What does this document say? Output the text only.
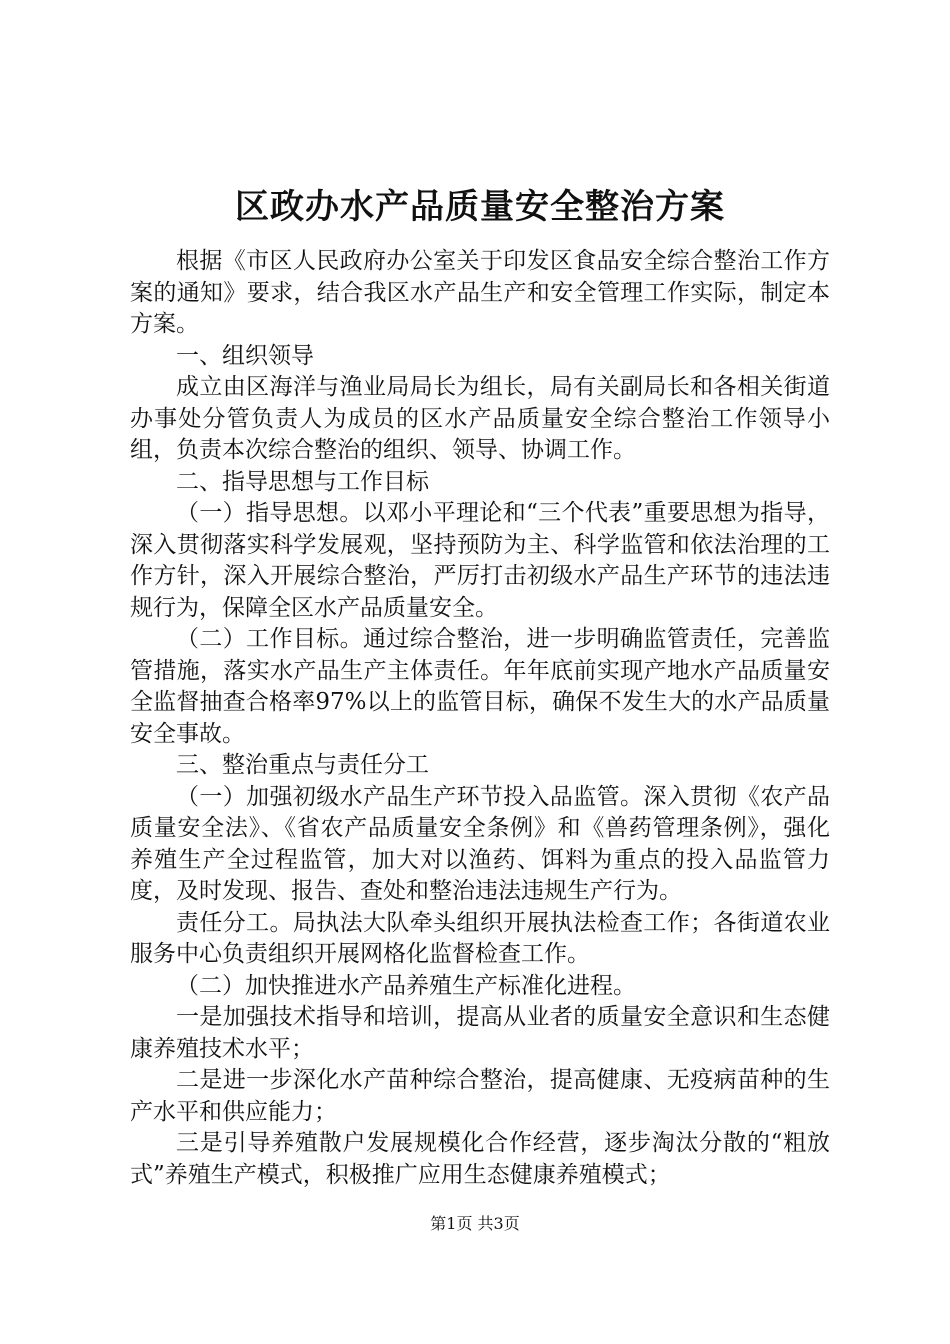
区政办水产品质量安全整治方案

根据《市区人民政府办公室关于印发区食品安全综合整治工作方案的通知》要求，结合我区水产品生产和安全管理工作实际，制定本方案。

一、组织领导

成立由区海洋与渔业局局长为组长，局有关副局长和各相关街道办事处分管负责人为成员的区水产品质量安全综合整治工作领导小组，负责本次综合整治的组织、领导、协调工作。

二、指导思想与工作目标

（一）指导思想。以邓小平理论和“三个代表”重要思想为指导，深入贯彻落实科学发展观，坚持预防为主、科学监管和依法治理的工作方针，深入开展综合整治，严厉打击初级水产品生产环节的违法违规行为，保障全区水产品质量安全。

（二）工作目标。通过综合整治，进一步明确监管责任，完善监管措施，落实水产品生产主体责任。年年底前实现产地水产品质量安全监督抽查合格率97%以上的监管目标，确保不发生大的水产品质量安全事故。

三、整治重点与责任分工

（一）加强初级水产品生产环节投入品监管。深入贯彻《农产品质量安全法》、《省农产品质量安全条例》和《兽药管理条例》，强化养殖生产全过程监管，加大对以渔药、饵料为重点的投入品监管力度，及时发现、报告、查处和整治违法违规生产行为。

责任分工。局执法大队牵头组织开展执法检查工作；各街道农业服务中心负责组织开展网格化监督检查工作。

（二）加快推进水产品养殖生产标准化进程。

一是加强技术指导和培训，提高从业者的质量安全意识和生态健康养殖技术水平；

二是进一步深化水产苗种综合整治，提高健康、无疫病苗种的生产水平和供应能力；

三是引导养殖散户发展规模化合作经营，逐步淘汰分散的“粗放式”养殖生产模式，积极推广应用生态健康养殖模式；

第1页 共3页
